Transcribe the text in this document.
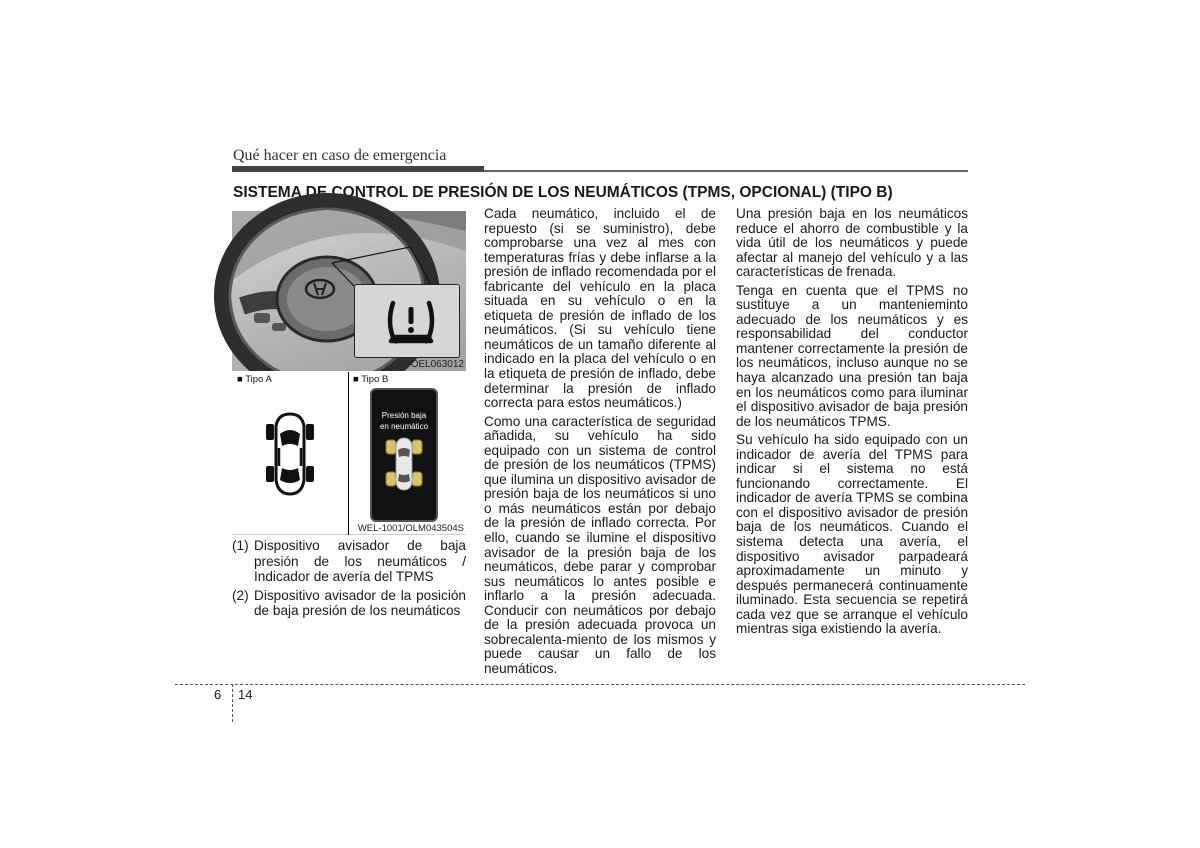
Qué hacer en caso de emergencia
SISTEMA DE CONTROL DE PRESIÓN DE LOS NEUMÁTICOS (TPMS, OPCIONAL) (TIPO B)
OEL063012
■ Tipo A	■ Tipo B
Presión baja
en neumático
WEL-1001/OLM043504S
(1) Dispositivo avisador de baja presión de los neumáticos / Indicador de avería del TPMS
(2) Dispositivo avisador de la posición de baja presión de los neumáticos

Cada neumático, incluido el de repuesto (si se suministro), debe comprobarse una vez al mes con temperaturas frías y debe inflarse a la presión de inflado recomendada por el fabricante del vehículo en la placa situada en su vehículo o en la etiqueta de presión de inflado de los neumáticos. (Si su vehículo tiene neumáticos de un tamaño diferente al indicado en la placa del vehículo o en la etiqueta de presión de inflado, debe determinar la presión de inflado correcta para estos neumáticos.)

Como una característica de seguridad añadida, su vehículo ha sido equipado con un sistema de control de presión de los neumáticos (TPMS) que ilumina un dispositivo avisador de presión baja de los neumáticos si uno o más neumáticos están por debajo de la presión de inflado correcta. Por ello, cuando se ilumine el dispositivo avisador de la presión baja de los neumáticos, debe parar y comprobar sus neumáticos lo antes posible e inflarlo a la presión adecuada. Conducir con neumáticos por debajo de la presión adecuada provoca un sobrecalenta-miento de los mismos y puede causar un fallo de los neumáticos.

Una presión baja en los neumáticos reduce el ahorro de combustible y la vida útil de los neumáticos y puede afectar al manejo del vehículo y a las características de frenada.

Tenga en cuenta que el TPMS no sustituye a un mantenieminto adecuado de los neumáticos y es responsabilidad del conductor mantener correctamente la presión de los neumáticos, incluso aunque no se haya alcanzado una presión tan baja en los neumáticos como para iluminar el dispositivo avisador de baja presión de los neumáticos TPMS.

Su vehículo ha sido equipado con un indicador de avería del TPMS para indicar si el sistema no está funcionando correctamente. El indicador de avería TPMS se combina con el dispositivo avisador de presión baja de los neumáticos. Cuando el sistema detecta una avería, el dispositivo avisador parpadeará aproximadamente un minuto y después permanecerá continuamente iluminado. Esta secuencia se repetirá cada vez que se arranque el vehículo mientras siga existiendo la avería.

6 14
